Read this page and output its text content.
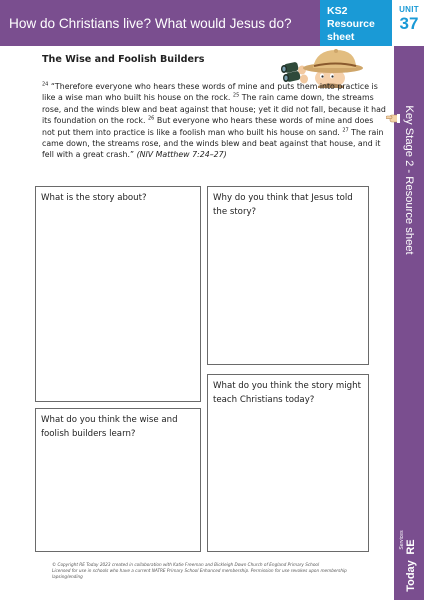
How do Christians live? What would Jesus do?
KS2
Resource
sheet
UNIT
37
Key Stage 2 - Resource sheet
RE
Services
Today
The Wise and Foolish Builders
$^{24}$ “Therefore everyone who hears these words of mine and puts them into practice is like a wise man who built his house on the rock. $^{25}$ The rain came down, the streams rose, and the winds blew and beat against that house; yet it did not fall, because it had its foundation on the rock. $^{26}$ But everyone who hears these words of mine and does not put them into practice is like a foolish man who built his house on sand. $^{27}$ The rain came down, the streams rose, and the winds blew and beat against that house, and it fell with a great crash.” (NIV Matthew 7:24–27)
What is the story about?	Why do you think that Jesus told the story?
What do you think the story might teach Christians today?
What do you think the wise and foolish builders learn?
© Copyright RE Today 2023 created in collaboration with Katie Freeman and Bickleigh Down Church of England Primary School
Licensed for use in schools who have a current NATRE Primary School Enhanced membership. Permission for use revokes upon membership lapsing/ending
